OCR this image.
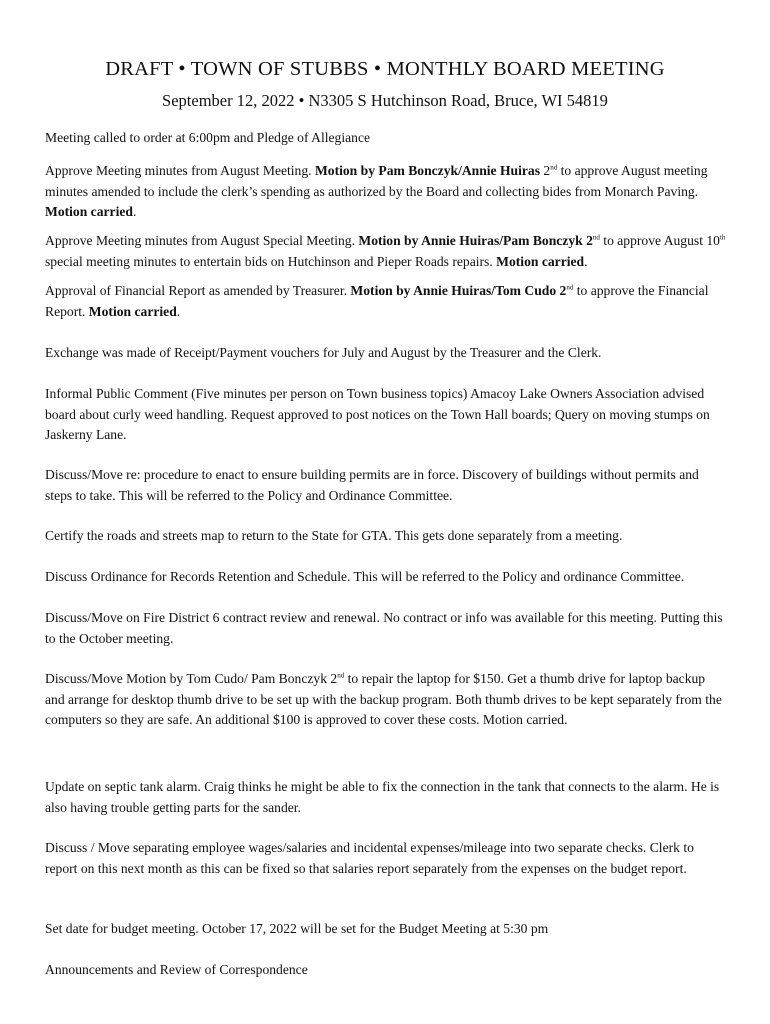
DRAFT • TOWN OF STUBBS • MONTHLY BOARD MEETING
September 12, 2022 • N3305 S Hutchinson Road, Bruce, WI 54819

Meeting called to order at 6:00pm and Pledge of Allegiance

Approve Meeting minutes from August Meeting. Motion by Pam Bonczyk/Annie Huiras 2nd to approve August meeting minutes amended to include the clerk’s spending as authorized by the Board and collecting bides from Monarch Paving. Motion carried.

Approve Meeting minutes from August Special Meeting. Motion by Annie Huiras/Pam Bonczyk 2nd to approve August 10th special meeting minutes to entertain bids on Hutchinson and Pieper Roads repairs. Motion carried.

Approval of Financial Report as amended by Treasurer. Motion by Annie Huiras/Tom Cudo 2nd to approve the Financial Report. Motion carried.

Exchange was made of Receipt/Payment vouchers for July and August by the Treasurer and the Clerk.

Informal Public Comment (Five minutes per person on Town business topics) Amacoy Lake Owners Association advised board about curly weed handling. Request approved to post notices on the Town Hall boards; Query on moving stumps on Jaskerny Lane.

Discuss/Move re: procedure to enact to ensure building permits are in force. Discovery of buildings without permits and steps to take. This will be referred to the Policy and Ordinance Committee.

Certify the roads and streets map to return to the State for GTA. This gets done separately from a meeting.

Discuss Ordinance for Records Retention and Schedule. This will be referred to the Policy and ordinance Committee.

Discuss/Move on Fire District 6 contract review and renewal. No contract or info was available for this meeting. Putting this to the October meeting.

Discuss/Move Motion by Tom Cudo/ Pam Bonczyk 2nd to repair the laptop for $150. Get a thumb drive for laptop backup and arrange for desktop thumb drive to be set up with the backup program. Both thumb drives to be kept separately from the computers so they are safe. An additional $100 is approved to cover these costs. Motion carried.

Update on septic tank alarm. Craig thinks he might be able to fix the connection in the tank that connects to the alarm. He is also having trouble getting parts for the sander.

Discuss / Move separating employee wages/salaries and incidental expenses/mileage into two separate checks. Clerk to report on this next month as this can be fixed so that salaries report separately from the expenses on the budget report.

Set date for budget meeting. October 17, 2022 will be set for the Budget Meeting at 5:30 pm

Announcements and Review of Correspondence
